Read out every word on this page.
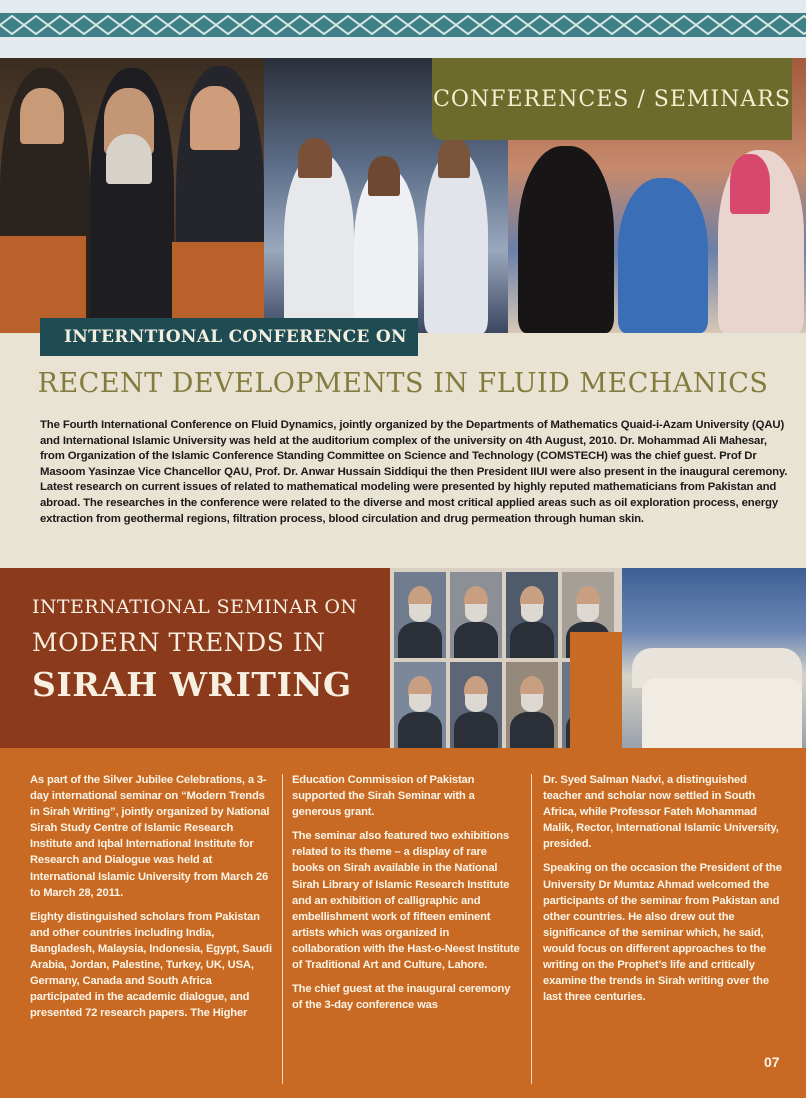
CONFERENCES / SEMINARS
INTERNTIONAL CONFERENCE ON
RECENT DEVELOPMENTS IN FLUID MECHANICS
The Fourth International Conference on Fluid Dynamics, jointly organized by the Departments of Mathematics Quaid-i-Azam University (QAU) and International Islamic University was held at the auditorium complex of the university on 4th August, 2010. Dr. Mohammad Ali Mahesar, from Organization of the Islamic Conference Standing Committee on Science and Technology (COMSTECH) was the chief guest. Prof Dr Masoom Yasinzae Vice Chancellor QAU, Prof. Dr. Anwar Hussain Siddiqui the then President IIUI were also present in the inaugural ceremony. Latest research on current issues of related to mathematical modeling were presented by highly reputed mathematicians from Pakistan and abroad. The researches in the conference were related to the diverse and most critical applied areas such as oil exploration process, energy extraction from geothermal regions, filtration process, blood circulation and drug permeation through human skin.
INTERNATIONAL SEMINAR ON
MODERN TRENDS IN
SIRAH WRITING

As part of the Silver Jubilee Celebrations, a 3-day international seminar on “Modern Trends in Sirah Writing”, jointly organized by National Sirah Study Centre of Islamic Research Institute and Iqbal International Institute for Research and Dialogue was held at International Islamic University from March 26 to March 28, 2011.

Eighty distinguished scholars from Pakistan and other countries including India, Bangladesh, Malaysia, Indonesia, Egypt, Saudi Arabia, Jordan, Palestine, Turkey, UK, USA, Germany, Canada and South Africa participated in the academic dialogue, and presented 72 research papers. The Higher

Education Commission of Pakistan supported the Sirah Seminar with a generous grant.

The seminar also featured two exhibitions related to its theme – a display of rare books on Sirah available in the National Sirah Library of Islamic Research Institute and an exhibition of calligraphic and embellishment work of fifteen eminent artists which was organized in collaboration with the Hast-o-Neest Institute of Traditional Art and Culture, Lahore.

The chief guest at the inaugural ceremony of the 3-day conference was

Dr. Syed Salman Nadvi, a distinguished teacher and scholar now settled in South Africa, while Professor Fateh Mohammad Malik, Rector, International Islamic University, presided.

Speaking on the occasion the President of the University Dr Mumtaz Ahmad welcomed the participants of the seminar from Pakistan and other countries. He also drew out the significance of the seminar which, he said, would focus on different approaches to the writing on the Prophet’s life and critically examine the trends in Sirah writing over the last three centuries.

07
